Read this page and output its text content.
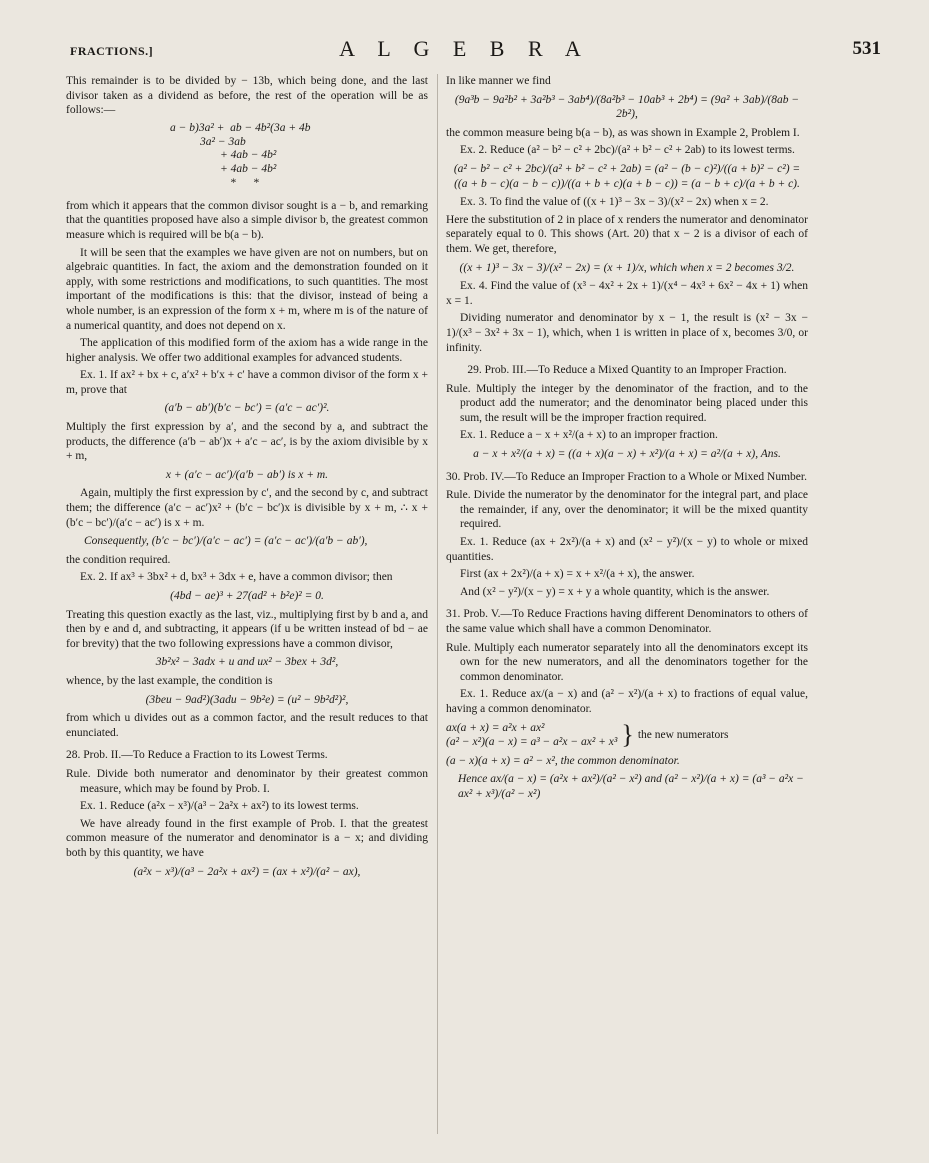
FRACTIONS.]	A L G E B R A	531

This remainder is to be divided by − 13b, which being done, and the last divisor taken as a dividend as before, the rest of the operation will be as follows:—

a − b)3a² +  ab − 4b²(3a + 4b
3a² − 3ab
+ 4ab − 4b²
+ 4ab − 4b²
*      *

from which it appears that the common divisor sought is a − b, and remarking that the quantities proposed have also a simple divisor b, the greatest common measure which is required will be b(a − b).

It will be seen that the examples we have given are not on numbers, but on algebraic quantities. In fact, the axiom and the demonstration founded on it apply, with some restrictions and modifications, to such quantities. The most important of the modifications is this: that the divisor, instead of being a whole number, is an expression of the form x + m, where m is of the nature of a numerical quantity, and does not depend on x.

The application of this modified form of the axiom has a wide range in the higher analysis. We offer two additional examples for advanced students.

Ex. 1. If ax² + bx + c, a′x² + b′x + c′ have a common divisor of the form x + m, prove that

(a′b − ab′)(b′c − bc′) = (a′c − ac′)².

Multiply the first expression by a′, and the second by a, and subtract the products, the difference (a′b − ab′)x + a′c − ac′, is by the axiom divisible by x + m,

x + (a′c − ac′)/(a′b − ab′) is x + m.

Again, multiply the first expression by c′, and the second by c, and subtract them; the difference (a′c − ac′)x² + (b′c − bc′)x is divisible by x + m, ∴ x + (b′c − bc′)/(a′c − ac′) is x + m.

Consequently, (b′c − bc′)/(a′c − ac′) = (a′c − ac′)/(a′b − ab′),

the condition required.

Ex. 2. If ax³ + 3bx² + d, bx³ + 3dx + e, have a common divisor; then

(4bd − ae)³ + 27(ad² + b²e)² = 0.

Treating this question exactly as the last, viz., multiplying first by b and a, and then by e and d, and subtracting, it appears (if u be written instead of bd − ae for brevity) that the two following expressions have a common divisor,

3b²x² − 3adx + u and ux² − 3bex + 3d²,

whence, by the last example, the condition is

(3beu − 9ad²)(3adu − 9b²e) = (u² − 9b²d²)²,

from which u divides out as a common factor, and the result reduces to that enunciated.

28. Prob. II.—To Reduce a Fraction to its Lowest Terms.

Rule. Divide both numerator and denominator by their greatest common measure, which may be found by Prob. I.

Ex. 1. Reduce (a²x − x³)/(a³ − 2a²x + ax²) to its lowest terms.

We have already found in the first example of Prob. I. that the greatest common measure of the numerator and denominator is a − x; and dividing both by this quantity, we have

(a²x − x³)/(a³ − 2a²x + ax²) = (ax + x²)/(a² − ax),

In like manner we find

(9a³b − 9a²b² + 3a²b³ − 3ab⁴)/(8a²b³ − 10ab³ + 2b⁴) = (9a² + 3ab)/(8ab − 2b²),

the common measure being b(a − b), as was shown in Example 2, Problem I.

Ex. 2. Reduce (a² − b² − c² + 2bc)/(a² + b² − c² + 2ab) to its lowest terms.

(a² − b² − c² + 2bc)/(a² + b² − c² + 2ab) = (a² − (b − c)²)/((a + b)² − c²) = ((a + b − c)(a − b − c))/((a + b + c)(a + b − c)) = (a − b + c)/(a + b + c).

Ex. 3. To find the value of ((x + 1)³ − 3x − 3)/(x² − 2x) when x = 2.

Here the substitution of 2 in place of x renders the numerator and denominator separately equal to 0. This shows (Art. 20) that x − 2 is a divisor of each of them. We get, therefore,

((x + 1)³ − 3x − 3)/(x² − 2x) = (x + 1)/x, which when x = 2 becomes 3/2.

Ex. 4. Find the value of (x³ − 4x² + 2x + 1)/(x⁴ − 4x³ + 6x² − 4x + 1) when x = 1.

Dividing numerator and denominator by x − 1, the result is (x² − 3x − 1)/(x³ − 3x² + 3x − 1), which, when 1 is written in place of x, becomes 3/0, or infinity.

29. Prob. III.—To Reduce a Mixed Quantity to an Improper Fraction.

Rule. Multiply the integer by the denominator of the fraction, and to the product add the numerator; and the denominator being placed under this sum, the result will be the improper fraction required.

Ex. 1. Reduce a − x + x²/(a + x) to an improper fraction.

a − x + x²/(a + x) = ((a + x)(a − x) + x²)/(a + x) = a²/(a + x), Ans.

30. Prob. IV.—To Reduce an Improper Fraction to a Whole or Mixed Number.

Rule. Divide the numerator by the denominator for the integral part, and place the remainder, if any, over the denominator; it will be the mixed quantity required.

Ex. 1. Reduce (ax + 2x²)/(a + x) and (x² − y²)/(x − y) to whole or mixed quantities.

First (ax + 2x²)/(a + x) = x + x²/(a + x), the answer.

And (x² − y²)/(x − y) = x + y a whole quantity, which is the answer.

31. Prob. V.—To Reduce Fractions having different Denominators to others of the same value which shall have a common Denominator.

Rule. Multiply each numerator separately into all the denominators except its own for the new numerators, and all the denominators together for the common denominator.

Ex. 1. Reduce ax/(a − x) and (a² − x²)/(a + x) to fractions of equal value, having a common denominator.

ax(a + x) = a²x + ax²
(a² − x²)(a − x) = a³ − a²x − ax² + x³ } the new numerators
(a − x)(a + x) = a² − x², the common denominator.
Hence ax/(a − x) = (a²x + ax²)/(a² − x²) and (a² − x²)/(a + x) = (a³ − a²x − ax² + x³)/(a² − x²)
